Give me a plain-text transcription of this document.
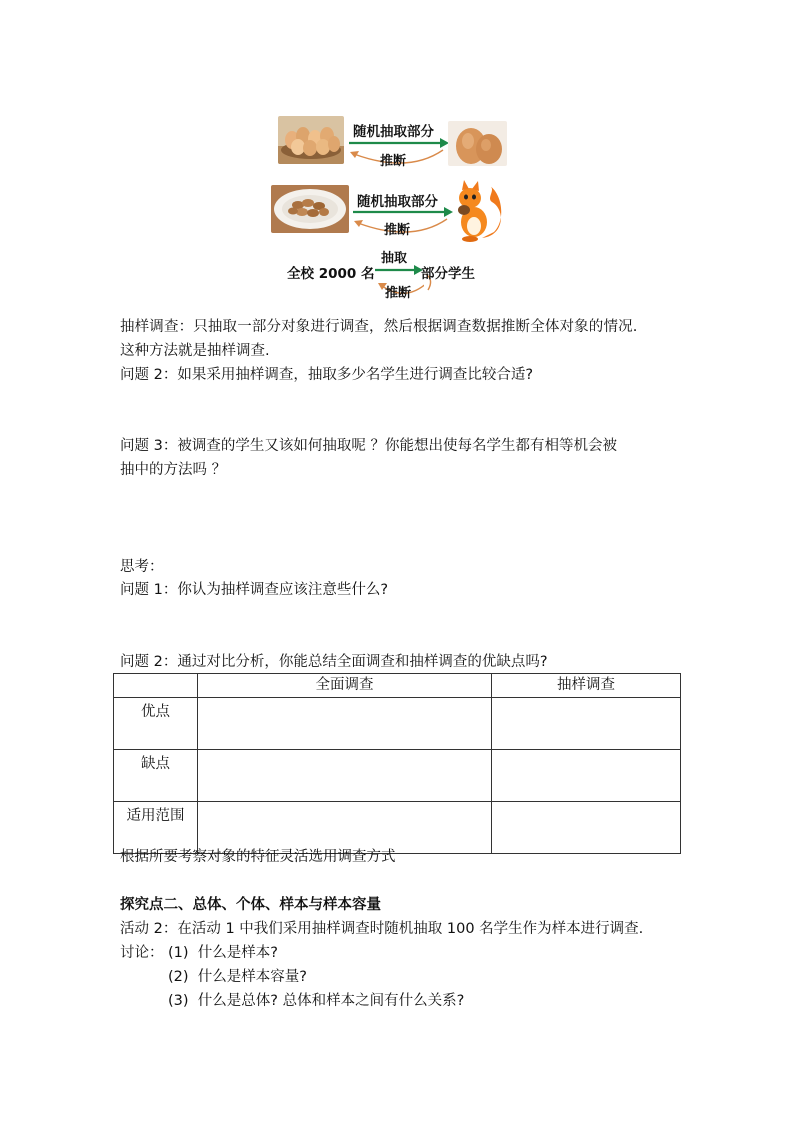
随机抽取部分
推断
随机抽取部分
推断
全校 2000 名
抽取
部分学生
推断
抽样调查：只抽取一部分对象进行调查，然后根据调查数据推断全体对象的情况.
这种方法就是抽样调查.
问题 2：如果采用抽样调查，抽取多少名学生进行调查比较合适?
问题 3：被调查的学生又该如何抽取呢 ？你能想出使每名学生都有相等机会被
抽中的方法吗 ？
思考：
问题 1：你认为抽样调查应该注意些什么?
问题 2：通过对比分析，你能总结全面调查和抽样调查的优缺点吗?
	全面调查	抽样调查
优点		
缺点		
适用范围		
根据所要考察对象的特征灵活选用调查方式
探究点二、总体、个体、样本与样本容量
活动 2：在活动 1 中我们采用抽样调查时随机抽取 100 名学生作为样本进行调查.
讨论： (1) 什么是样本?
(2) 什么是样本容量?
(3) 什么是总体? 总体和样本之间有什么关系?
